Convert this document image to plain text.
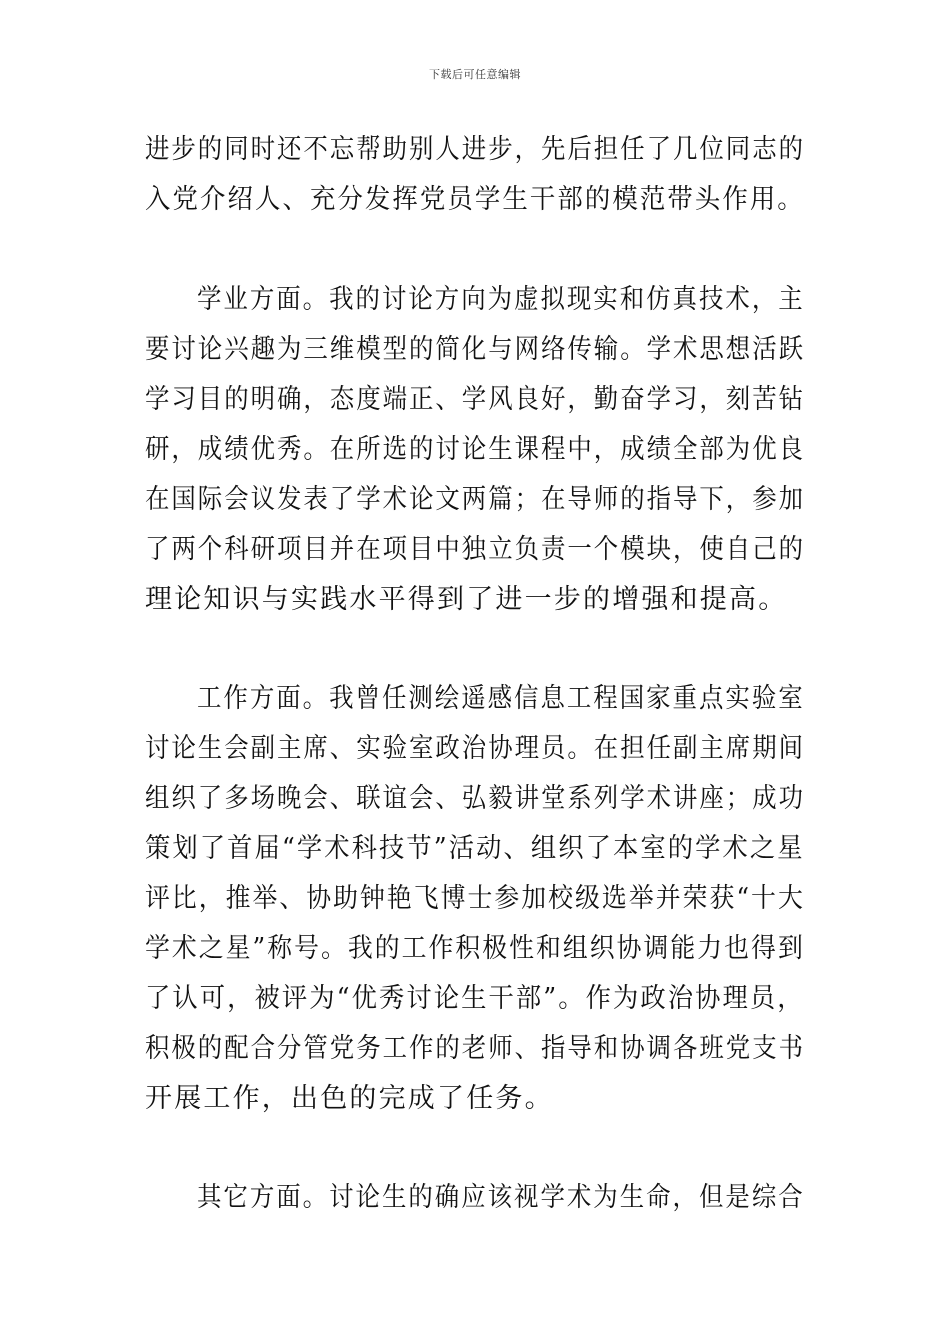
下载后可任意编辑
进步的同时还不忘帮助别人进步，先后担任了几位同志的
入党介绍人、充分发挥党员学生干部的模范带头作用。
学业方面。我的讨论方向为虚拟现实和仿真技术，主
要讨论兴趣为三维模型的简化与网络传输。学术思想活跃
学习目的明确，态度端正、学风良好，勤奋学习，刻苦钻
研，成绩优秀。在所选的讨论生课程中，成绩全部为优良
在国际会议发表了学术论文两篇；在导师的指导下，参加
了两个科研项目并在项目中独立负责一个模块，使自己的
理论知识与实践水平得到了进一步的增强和提高。
工作方面。我曾任测绘遥感信息工程国家重点实验室
讨论生会副主席、实验室政治协理员。在担任副主席期间
组织了多场晚会、联谊会、弘毅讲堂系列学术讲座；成功
策划了首届“学术科技节”活动、组织了本室的学术之星
评比，推举、协助钟艳飞博士参加校级选举并荣获“十大
学术之星”称号。我的工作积极性和组织协调能力也得到
了认可，被评为“优秀讨论生干部”。作为政治协理员，
积极的配合分管党务工作的老师、指导和协调各班党支书
开展工作，出色的完成了任务。
其它方面。讨论生的确应该视学术为生命，但是综合
